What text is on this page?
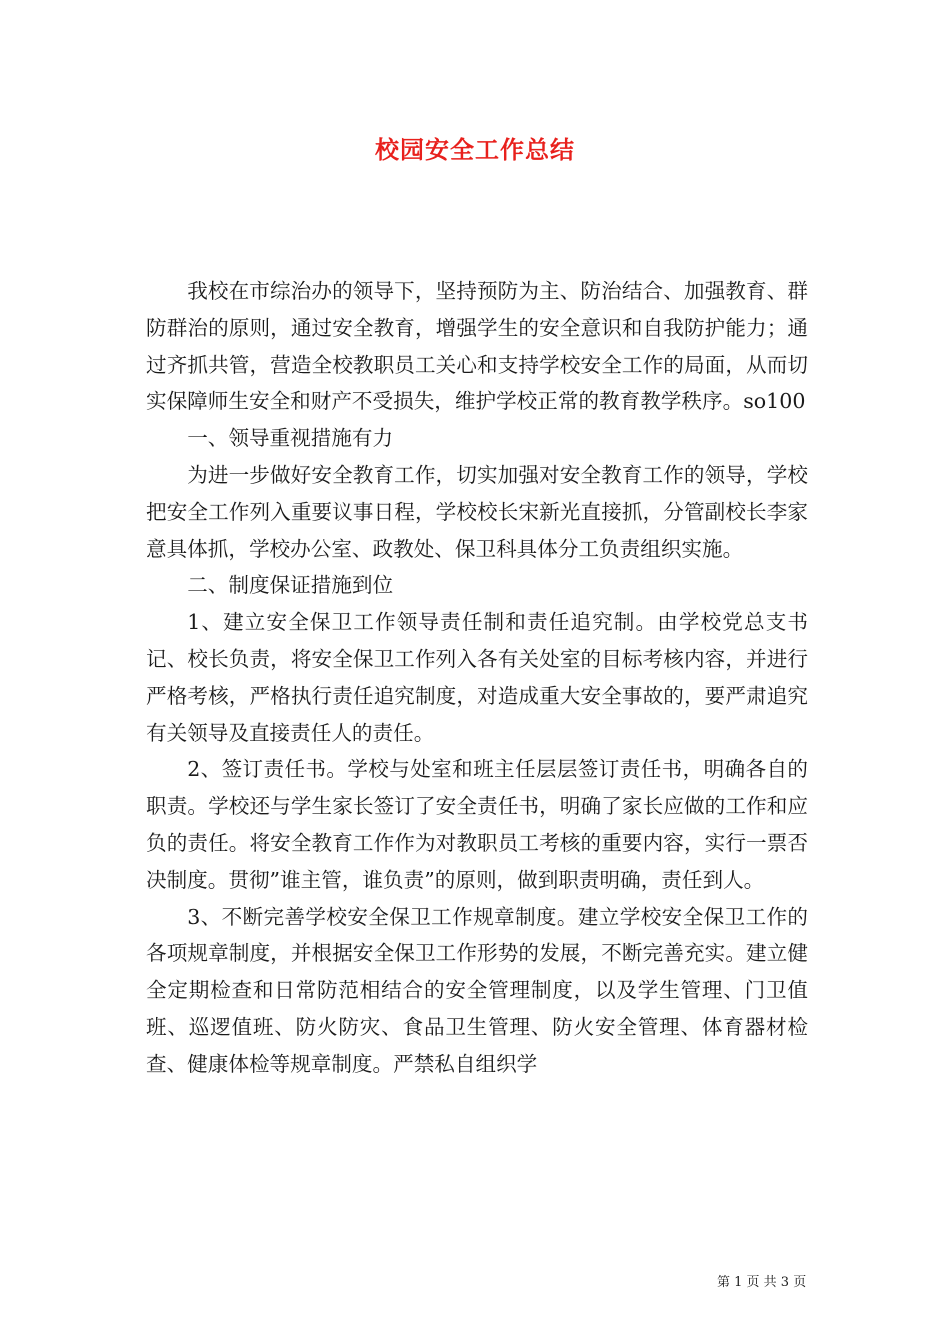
校园安全工作总结

我校在市综治办的领导下，坚持预防为主、防治结合、加强教育、群防群治的原则，通过安全教育，增强学生的安全意识和自我防护能力；通过齐抓共管，营造全校教职员工关心和支持学校安全工作的局面，从而切实保障师生安全和财产不受损失，维护学校正常的教育教学秩序。so100

一、领导重视措施有力

为进一步做好安全教育工作，切实加强对安全教育工作的领导，学校把安全工作列入重要议事日程，学校校长宋新光直接抓，分管副校长李家意具体抓，学校办公室、政教处、保卫科具体分工负责组织实施。

二、制度保证措施到位

1、建立安全保卫工作领导责任制和责任追究制。由学校党总支书记、校长负责，将安全保卫工作列入各有关处室的目标考核内容，并进行严格考核，严格执行责任追究制度，对造成重大安全事故的，要严肃追究有关领导及直接责任人的责任。

2、签订责任书。学校与处室和班主任层层签订责任书，明确各自的职责。学校还与学生家长签订了安全责任书，明确了家长应做的工作和应负的责任。将安全教育工作作为对教职员工考核的重要内容，实行一票否决制度。贯彻”谁主管，谁负责”的原则，做到职责明确，责任到人。

3、不断完善学校安全保卫工作规章制度。建立学校安全保卫工作的各项规章制度，并根据安全保卫工作形势的发展，不断完善充实。建立健全定期检查和日常防范相结合的安全管理制度，以及学生管理、门卫值班、巡逻值班、防火防灾、食品卫生管理、防火安全管理、体育器材检查、健康体检等规章制度。严禁私自组织学

第 1 页 共 3 页
